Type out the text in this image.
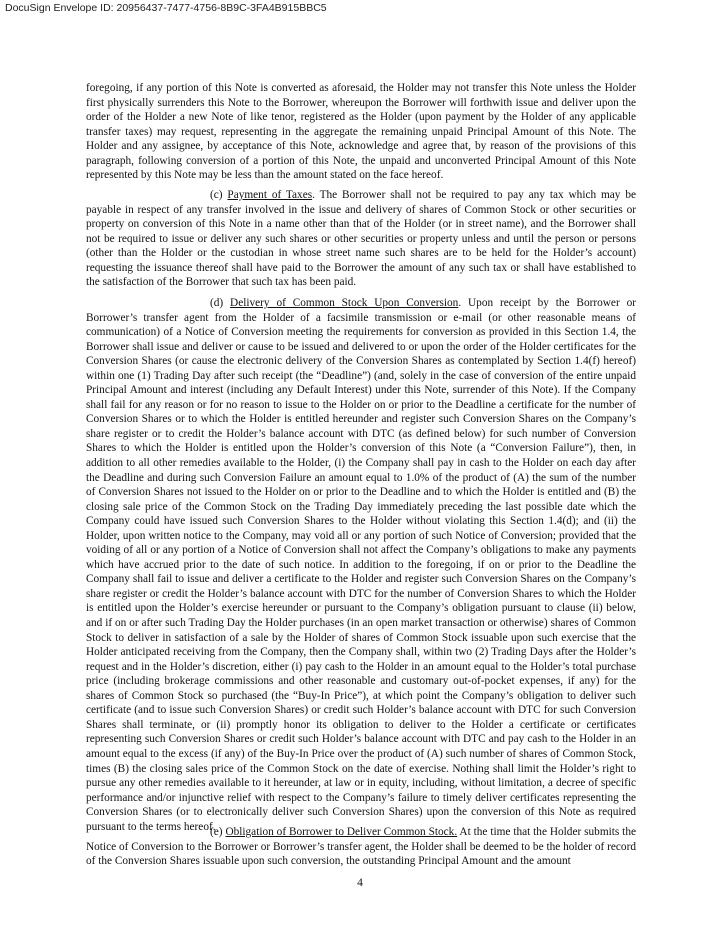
DocuSign Envelope ID: 20956437-7477-4756-8B9C-3FA4B915BBC5

foregoing, if any portion of this Note is converted as aforesaid, the Holder may not transfer this Note unless the Holder first physically surrenders this Note to the Borrower, whereupon the Borrower will forthwith issue and deliver upon the order of the Holder a new Note of like tenor, registered as the Holder (upon payment by the Holder of any applicable transfer taxes) may request, representing in the aggregate the remaining unpaid Principal Amount of this Note. The Holder and any assignee, by acceptance of this Note, acknowledge and agree that, by reason of the provisions of this paragraph, following conversion of a portion of this Note, the unpaid and unconverted Principal Amount of this Note represented by this Note may be less than the amount stated on the face hereof.

(c) Payment of Taxes. The Borrower shall not be required to pay any tax which may be payable in respect of any transfer involved in the issue and delivery of shares of Common Stock or other securities or property on conversion of this Note in a name other than that of the Holder (or in street name), and the Borrower shall not be required to issue or deliver any such shares or other securities or property unless and until the person or persons (other than the Holder or the custodian in whose street name such shares are to be held for the Holder’s account) requesting the issuance thereof shall have paid to the Borrower the amount of any such tax or shall have established to the satisfaction of the Borrower that such tax has been paid.

(d) Delivery of Common Stock Upon Conversion. Upon receipt by the Borrower or Borrower’s transfer agent from the Holder of a facsimile transmission or e-mail (or other reasonable means of communication) of a Notice of Conversion meeting the requirements for conversion as provided in this Section 1.4, the Borrower shall issue and deliver or cause to be issued and delivered to or upon the order of the Holder certificates for the Conversion Shares (or cause the electronic delivery of the Conversion Shares as contemplated by Section 1.4(f) hereof) within one (1) Trading Day after such receipt (the “Deadline”) (and, solely in the case of conversion of the entire unpaid Principal Amount and interest (including any Default Interest) under this Note, surrender of this Note). If the Company shall fail for any reason or for no reason to issue to the Holder on or prior to the Deadline a certificate for the number of Conversion Shares or to which the Holder is entitled hereunder and register such Conversion Shares on the Company’s share register or to credit the Holder’s balance account with DTC (as defined below) for such number of Conversion Shares to which the Holder is entitled upon the Holder’s conversion of this Note (a “Conversion Failure”), then, in addition to all other remedies available to the Holder, (i) the Company shall pay in cash to the Holder on each day after the Deadline and during such Conversion Failure an amount equal to 1.0% of the product of (A) the sum of the number of Conversion Shares not issued to the Holder on or prior to the Deadline and to which the Holder is entitled and (B) the closing sale price of the Common Stock on the Trading Day immediately preceding the last possible date which the Company could have issued such Conversion Shares to the Holder without violating this Section 1.4(d); and (ii) the Holder, upon written notice to the Company, may void all or any portion of such Notice of Conversion; provided that the voiding of all or any portion of a Notice of Conversion shall not affect the Company’s obligations to make any payments which have accrued prior to the date of such notice. In addition to the foregoing, if on or prior to the Deadline the Company shall fail to issue and deliver a certificate to the Holder and register such Conversion Shares on the Company’s share register or credit the Holder’s balance account with DTC for the number of Conversion Shares to which the Holder is entitled upon the Holder’s exercise hereunder or pursuant to the Company’s obligation pursuant to clause (ii) below, and if on or after such Trading Day the Holder purchases (in an open market transaction or otherwise) shares of Common Stock to deliver in satisfaction of a sale by the Holder of shares of Common Stock issuable upon such exercise that the Holder anticipated receiving from the Company, then the Company shall, within two (2) Trading Days after the Holder’s request and in the Holder’s discretion, either (i) pay cash to the Holder in an amount equal to the Holder’s total purchase price (including brokerage commissions and other reasonable and customary out-of-pocket expenses, if any) for the shares of Common Stock so purchased (the “Buy-In Price”), at which point the Company’s obligation to deliver such certificate (and to issue such Conversion Shares) or credit such Holder’s balance account with DTC for such Conversion Shares shall terminate, or (ii) promptly honor its obligation to deliver to the Holder a certificate or certificates representing such Conversion Shares or credit such Holder’s balance account with DTC and pay cash to the Holder in an amount equal to the excess (if any) of the Buy-In Price over the product of (A) such number of shares of Common Stock, times (B) the closing sales price of the Common Stock on the date of exercise. Nothing shall limit the Holder’s right to pursue any other remedies available to it hereunder, at law or in equity, including, without limitation, a decree of specific performance and/or injunctive relief with respect to the Company’s failure to timely deliver certificates representing the Conversion Shares (or to electronically deliver such Conversion Shares) upon the conversion of this Note as required pursuant to the terms hereof.

(e) Obligation of Borrower to Deliver Common Stock. At the time that the Holder submits the Notice of Conversion to the Borrower or Borrower’s transfer agent, the Holder shall be deemed to be the holder of record of the Conversion Shares issuable upon such conversion, the outstanding Principal Amount and the amount

4
